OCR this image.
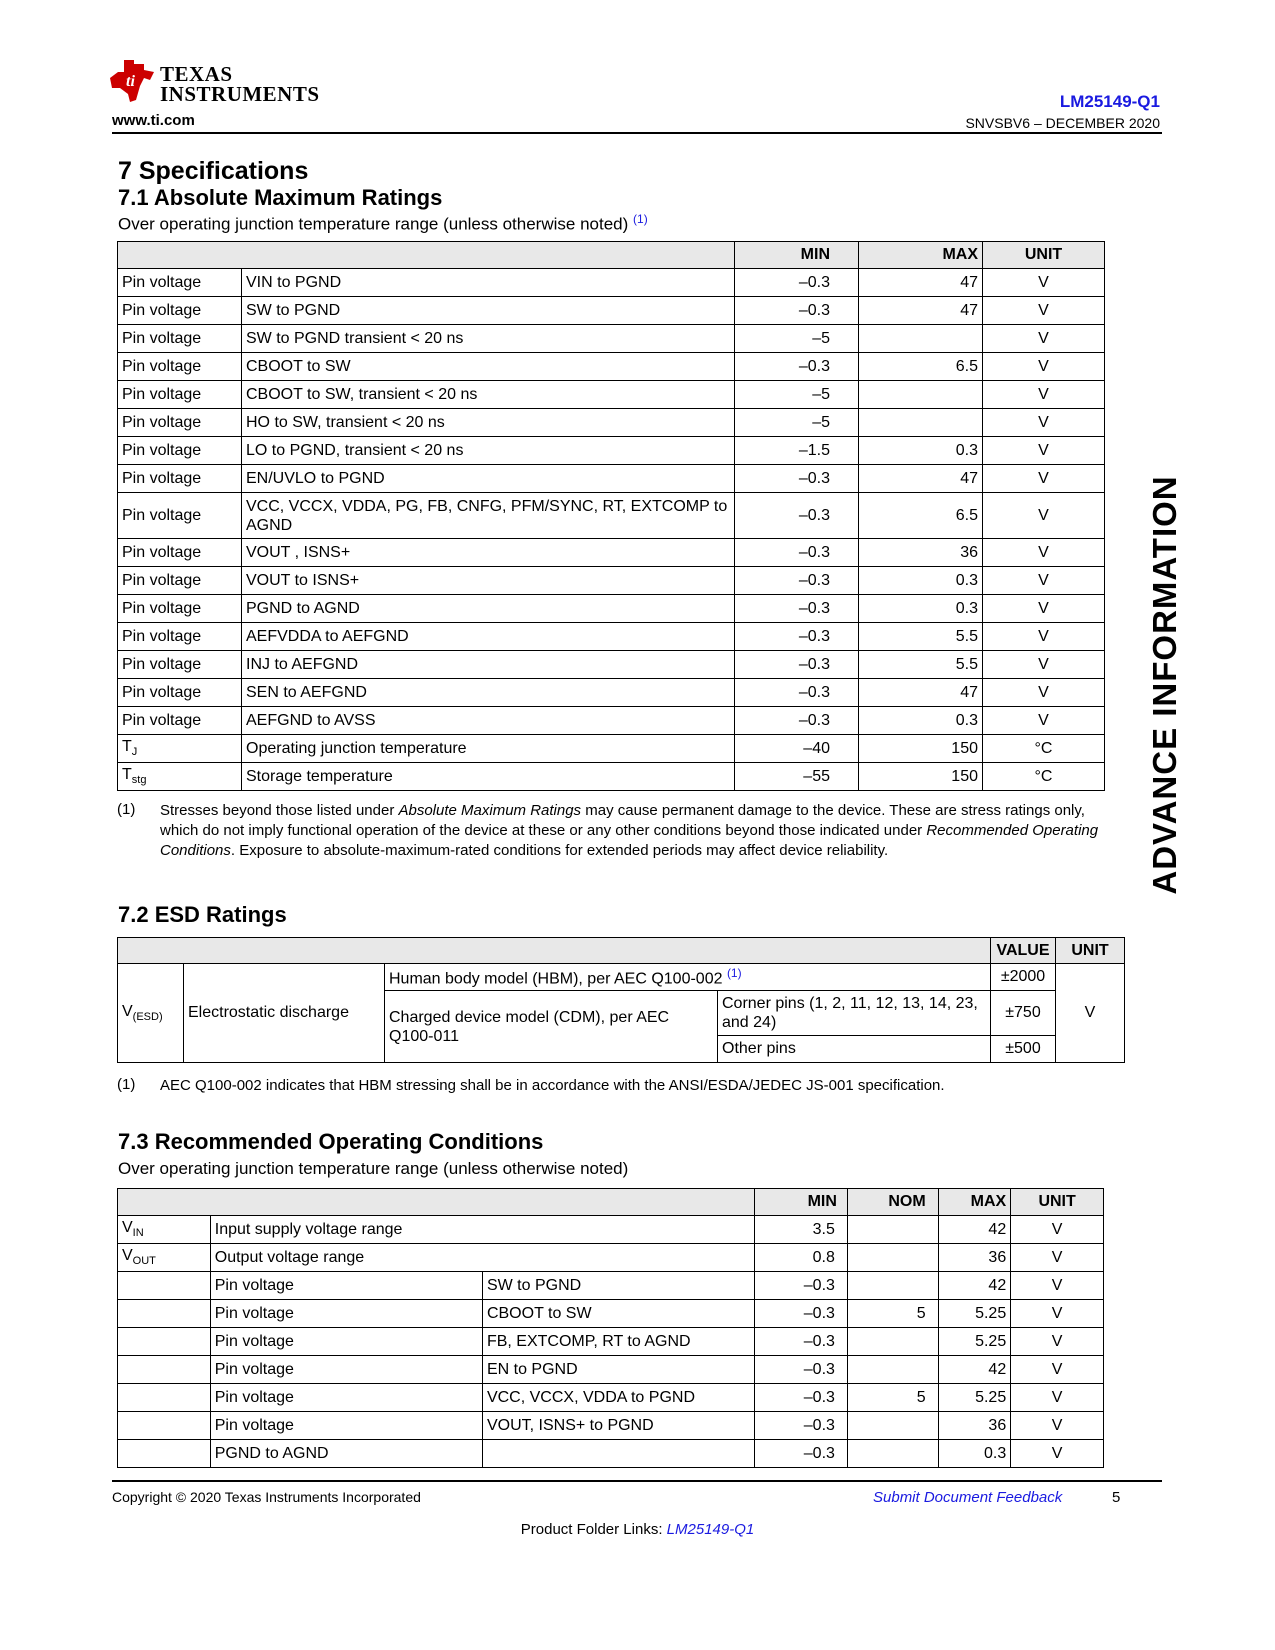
ti TEXAS
INSTRUMENTS
www.ti.com
LM25149-Q1
SNVSBV6 – DECEMBER 2020
7 Specifications
7.1 Absolute Maximum Ratings
Over operating junction temperature range (unless otherwise noted) $^{(1)}$
		MIN	MAX	UNIT
Pin voltage	VIN to PGND	–0.3	47	V
Pin voltage	SW to PGND	–0.3	47	V
Pin voltage	SW to PGND transient < 20 ns	–5		V
Pin voltage	CBOOT to SW	–0.3	6.5	V
Pin voltage	CBOOT to SW, transient < 20 ns	–5		V
Pin voltage	HO to SW, transient < 20 ns	–5		V
Pin voltage	LO to PGND, transient < 20 ns	–1.5	0.3	V
Pin voltage	EN/UVLO to PGND	–0.3	47	V
Pin voltage	VCC, VCCX, VDDA, PG, FB, CNFG, PFM/SYNC, RT, EXTCOMP to AGND	–0.3	6.5	V
Pin voltage	VOUT , ISNS+	–0.3	36	V
Pin voltage	VOUT to ISNS+	–0.3	0.3	V
Pin voltage	PGND to AGND	–0.3	0.3	V
Pin voltage	AEFVDDA to AEFGND	–0.3	5.5	V
Pin voltage	INJ to AEFGND	–0.3	5.5	V
Pin voltage	SEN to AEFGND	–0.3	47	V
Pin voltage	AEFGND to AVSS	–0.3	0.3	V
$T_J$	Operating junction temperature	–40	150	°C
$T_{stg}$	Storage temperature	–55	150	°C
(1) Stresses beyond those listed under Absolute Maximum Ratings may cause permanent damage to the device. These are stress ratings only, which do not imply functional operation of the device at these or any other conditions beyond those indicated under Recommended Operating Conditions. Exposure to absolute-maximum-rated conditions for extended periods may affect device reliability.
7.2 ESD Ratings
				VALUE	UNIT
$V_{(ESD)}$	Electrostatic discharge	Human body model (HBM), per AEC Q100-002 $^{(1)}$		±2000	V
		Charged device model (CDM), per AEC Q100-011	Corner pins (1, 2, 11, 12, 13, 14, 23, and 24)	±750	
			Other pins	±500	
(1) AEC Q100-002 indicates that HBM stressing shall be in accordance with the ANSI/ESDA/JEDEC JS-001 specification.
7.3 Recommended Operating Conditions
Over operating junction temperature range (unless otherwise noted)
			MIN	NOM	MAX	UNIT
$V_{IN}$	Input supply voltage range		3.5		42	V
$V_{OUT}$	Output voltage range		0.8		36	V
	Pin voltage	SW to PGND	–0.3		42	V
	Pin voltage	CBOOT to SW	–0.3	5	5.25	V
	Pin voltage	FB, EXTCOMP, RT to AGND	–0.3		5.25	V
	Pin voltage	EN to PGND	–0.3		42	V
	Pin voltage	VCC, VCCX, VDDA to PGND	–0.3	5	5.25	V
	Pin voltage	VOUT, ISNS+ to PGND	–0.3		36	V
	PGND to AGND		–0.3		0.3	V
ADVANCE INFORMATION
Copyright © 2020 Texas Instruments Incorporated	Submit Document Feedback	5
Product Folder Links: LM25149-Q1
